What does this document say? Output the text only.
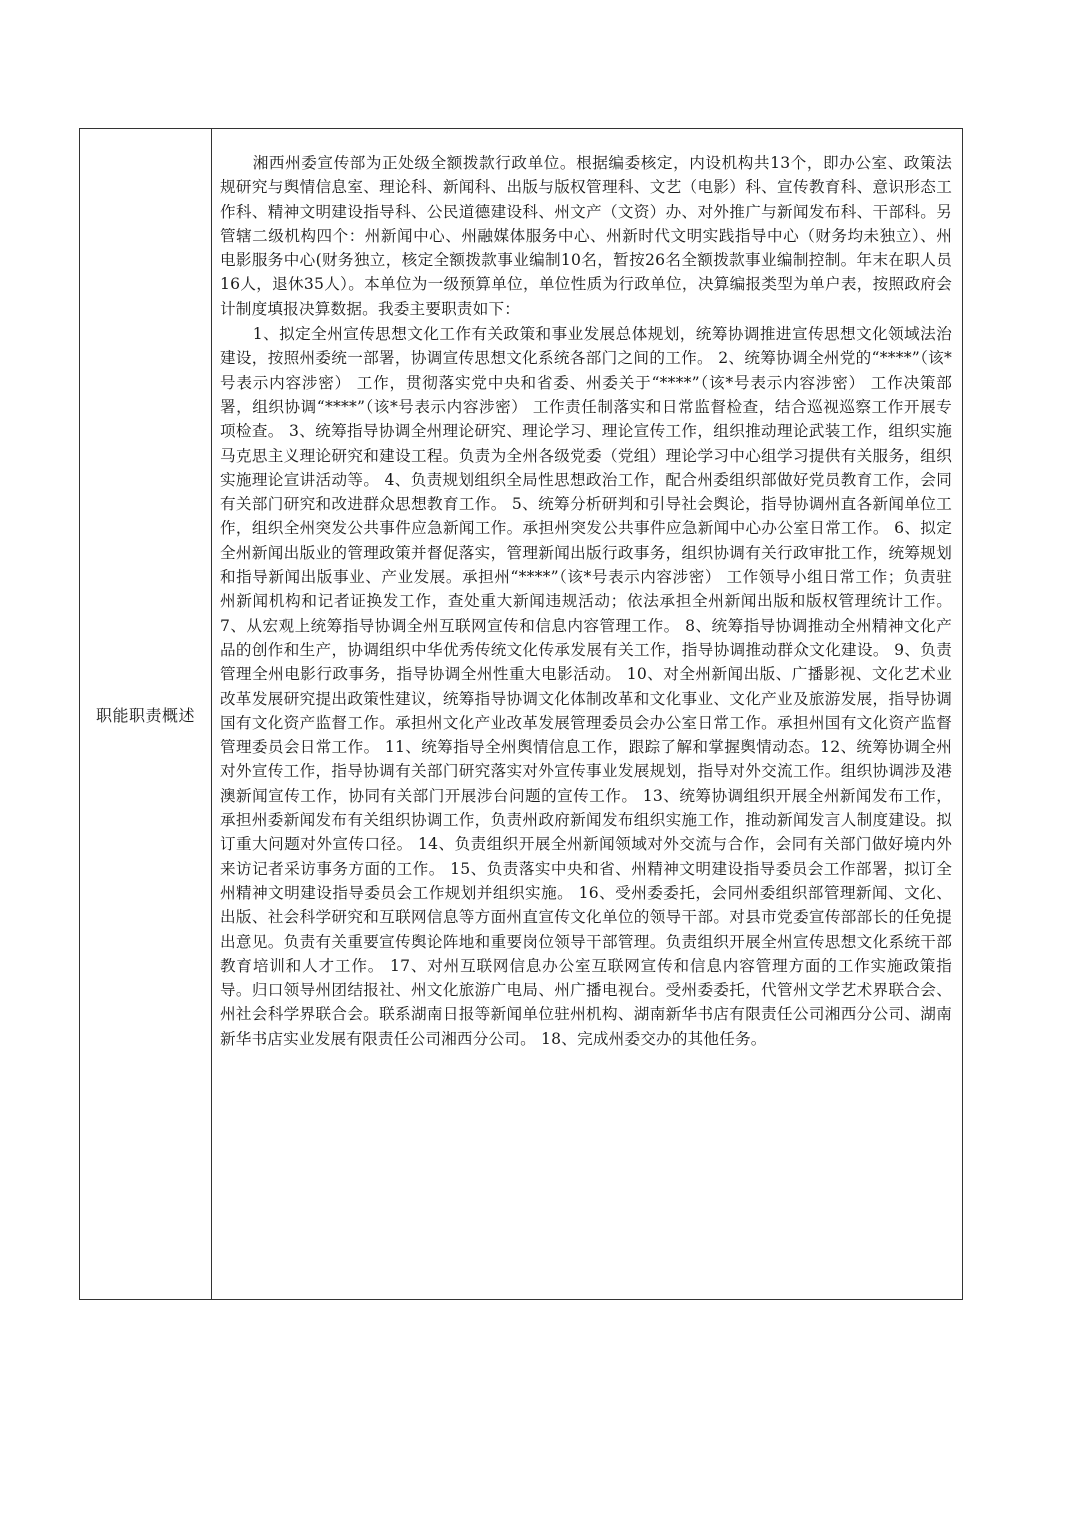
职能职责概述

湘西州委宣传部为正处级全额拨款行政单位。根据编委核定，内设机构共13个，即办公室、政策法规研究与舆情信息室、理论科、新闻科、出版与版权管理科、文艺（电影）科、宣传教育科、意识形态工作科、精神文明建设指导科、公民道德建设科、州文产（文资）办、对外推广与新闻发布科、干部科。另管辖二级机构四个：州新闻中心、州融媒体服务中心、州新时代文明实践指导中心（财务均未独立）、州电影服务中心(财务独立，核定全额拨款事业编制10名，暂按26名全额拨款事业编制控制。年末在职人员16人，退休35人）。本单位为一级预算单位，单位性质为行政单位，决算编报类型为单户表，按照政府会计制度填报决算数据。我委主要职责如下：

1、拟定全州宣传思想文化工作有关政策和事业发展总体规划，统筹协调推进宣传思想文化领域法治建设，按照州委统一部署，协调宣传思想文化系统各部门之间的工作。 2、统筹协调全州党的“****”（该*号表示内容涉密） 工作，贯彻落实党中央和省委、州委关于“****”（该*号表示内容涉密） 工作决策部署，组织协调“****”（该*号表示内容涉密） 工作责任制落实和日常监督检查，结合巡视巡察工作开展专项检查。 3、统筹指导协调全州理论研究、理论学习、理论宣传工作，组织推动理论武装工作，组织实施马克思主义理论研究和建设工程。负责为全州各级党委（党组）理论学习中心组学习提供有关服务，组织实施理论宣讲活动等。 4、负责规划组织全局性思想政治工作，配合州委组织部做好党员教育工作，会同有关部门研究和改进群众思想教育工作。 5、统筹分析研判和引导社会舆论，指导协调州直各新闻单位工作，组织全州突发公共事件应急新闻工作。承担州突发公共事件应急新闻中心办公室日常工作。 6、拟定全州新闻出版业的管理政策并督促落实，管理新闻出版行政事务，组织协调有关行政审批工作，统筹规划和指导新闻出版事业、产业发展。承担州“****”（该*号表示内容涉密） 工作领导小组日常工作；负责驻州新闻机构和记者证换发工作，查处重大新闻违规活动；依法承担全州新闻出版和版权管理统计工作。 7、从宏观上统筹指导协调全州互联网宣传和信息内容管理工作。 8、统筹指导协调推动全州精神文化产品的创作和生产，协调组织中华优秀传统文化传承发展有关工作，指导协调推动群众文化建设。 9、负责管理全州电影行政事务，指导协调全州性重大电影活动。 10、对全州新闻出版、广播影视、文化艺术业改革发展研究提出政策性建议，统筹指导协调文化体制改革和文化事业、文化产业及旅游发展，指导协调国有文化资产监督工作。承担州文化产业改革发展管理委员会办公室日常工作。承担州国有文化资产监督管理委员会日常工作。 11、统筹指导全州舆情信息工作，跟踪了解和掌握舆情动态。12、统筹协调全州对外宣传工作，指导协调有关部门研究落实对外宣传事业发展规划，指导对外交流工作。组织协调涉及港澳新闻宣传工作，协同有关部门开展涉台问题的宣传工作。 13、统筹协调组织开展全州新闻发布工作，承担州委新闻发布有关组织协调工作，负责州政府新闻发布组织实施工作，推动新闻发言人制度建设。拟订重大问题对外宣传口径。 14、负责组织开展全州新闻领域对外交流与合作，会同有关部门做好境内外来访记者采访事务方面的工作。 15、负责落实中央和省、州精神文明建设指导委员会工作部署，拟订全州精神文明建设指导委员会工作规划并组织实施。 16、受州委委托，会同州委组织部管理新闻、文化、出版、社会科学研究和互联网信息等方面州直宣传文化单位的领导干部。对县市党委宣传部部长的任免提出意见。负责有关重要宣传舆论阵地和重要岗位领导干部管理。负责组织开展全州宣传思想文化系统干部教育培训和人才工作。 17、对州互联网信息办公室互联网宣传和信息内容管理方面的工作实施政策指导。归口领导州团结报社、州文化旅游广电局、州广播电视台。受州委委托，代管州文学艺术界联合会、州社会科学界联合会。联系湖南日报等新闻单位驻州机构、湖南新华书店有限责任公司湘西分公司、湖南新华书店实业发展有限责任公司湘西分公司。 18、完成州委交办的其他任务。
